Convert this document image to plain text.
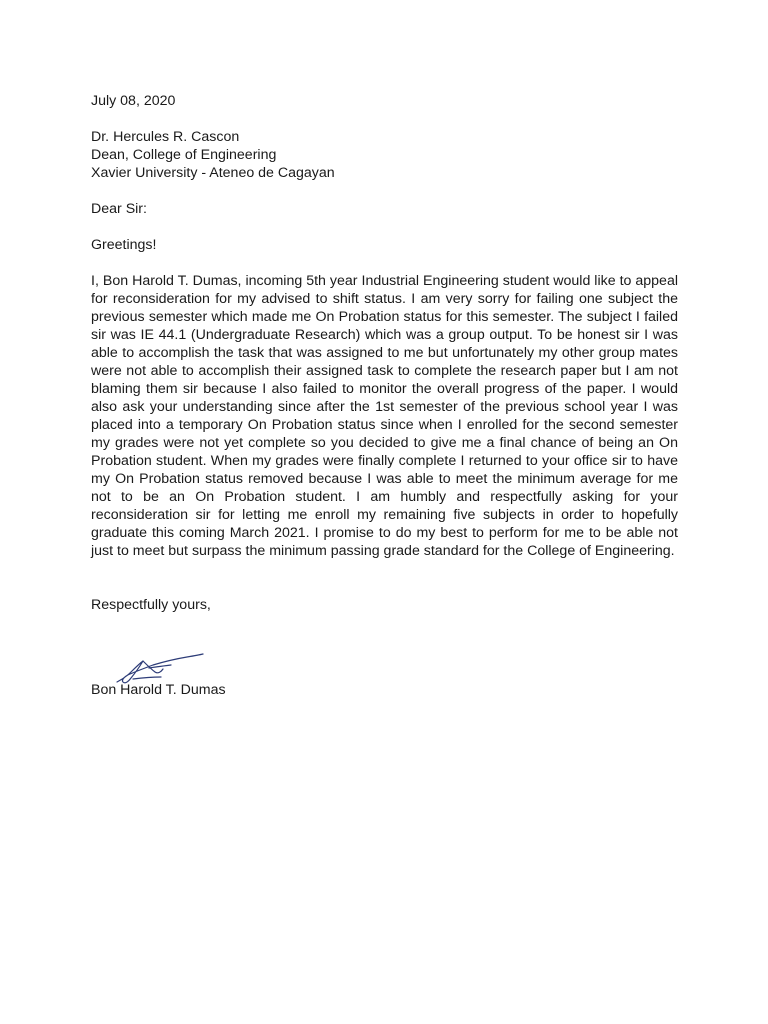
July 08, 2020

Dr. Hercules R. Cascon
Dean, College of Engineering
Xavier University - Ateneo de Cagayan

Dear Sir:

Greetings!

I, Bon Harold T. Dumas, incoming 5th year Industrial Engineering student would like to appeal for reconsideration for my advised to shift status. I am very sorry for failing one subject the previous semester which made me On Probation status for this semester. The subject I failed sir was IE 44.1 (Undergraduate Research) which was a group output. To be honest sir I was able to accomplish the task that was assigned to me but unfortunately my other group mates were not able to accomplish their assigned task to complete the research paper but I am not blaming them sir because I also failed to monitor the overall progress of the paper. I would also ask your understanding since after the 1st semester of the previous school year I was placed into a temporary On Probation status since when I enrolled for the second semester my grades were not yet complete so you decided to give me a final chance of being an On Probation student. When my grades were finally complete I returned to your office sir to have my On Probation status removed because I was able to meet the minimum average for me not to be an On Probation student. I am humbly and respectfully asking for your reconsideration sir for letting me enroll my remaining five subjects in order to hopefully graduate this coming March 2021. I promise to do my best to perform for me to be able not just to meet but surpass the minimum passing grade standard for the College of Engineering.

Respectfully yours,

Bon Harold T. Dumas
